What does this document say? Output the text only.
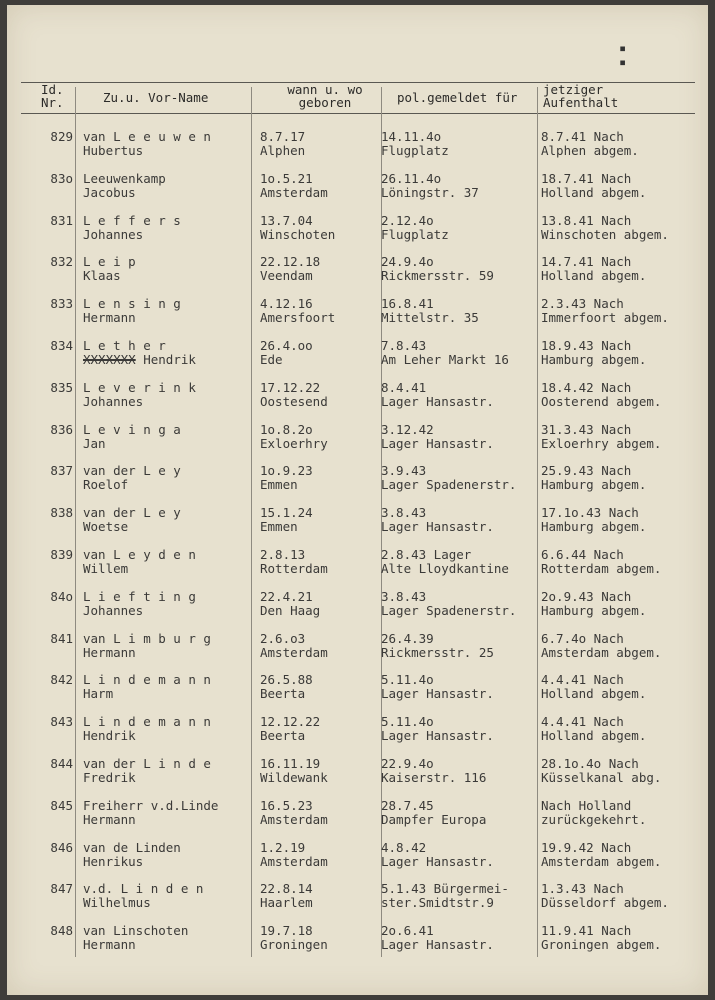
▪ ▪
Id.
Nr.	Zu.u. Vor-Name
wann u. wo
geboren	pol.gemeldet für
jetziger
Aufenthalt
829 van L e e u w e n
Hubertus
8.7.17
Alphen
14.11.4o
Flugplatz
8.7.41 Nach
Alphen abgem.
83o Leeuwenkamp
Jacobus
1o.5.21
Amsterdam
26.11.4o
Löningstr. 37
18.7.41 Nach
Holland abgem.
831 L e f f e r s
Johannes
13.7.04
Winschoten
2.12.4o
Flugplatz
13.8.41 Nach
Winschoten abgem.
832 L e i p
Klaas
22.12.18
Veendam
24.9.4o
Rickmersstr. 59
14.7.41 Nach
Holland abgem.
833 L e n s i n g
Hermann
4.12.16
Amersfoort
16.8.41
Mittelstr. 35
2.3.43 Nach
Immerfoort abgem.
834 L e t h e r
XXXXXXX Hendrik
26.4.oo
Ede
7.8.43
Am Leher Markt 16
18.9.43 Nach
Hamburg abgem.
835 L e v e r i n k
Johannes
17.12.22
Oostesend
8.4.41
Lager Hansastr.
18.4.42 Nach
Oosterend abgem.
836 L e v i n g a
Jan
1o.8.2o
Exloerhry
3.12.42
Lager Hansastr.
31.3.43 Nach
Exloerhry abgem.
837 van der L e y
Roelof
1o.9.23
Emmen
3.9.43
Lager Spadenerstr.
25.9.43 Nach
Hamburg abgem.
838 van der L e y
Woetse
15.1.24
Emmen
3.8.43
Lager Hansastr.
17.1o.43 Nach
Hamburg abgem.
839 van L e y d e n
Willem
2.8.13
Rotterdam
2.8.43 Lager
Alte Lloydkantine
6.6.44 Nach
Rotterdam abgem.
84o L i e f t i n g
Johannes
22.4.21
Den Haag
3.8.43
Lager Spadenerstr.
2o.9.43 Nach
Hamburg abgem.
841 van L i m b u r g
Hermann
2.6.o3
Amsterdam
26.4.39
Rickmersstr. 25
6.7.4o Nach
Amsterdam abgem.
842 L i n d e m a n n
Harm
26.5.88
Beerta
5.11.4o
Lager Hansastr.
4.4.41 Nach
Holland abgem.
843 L i n d e m a n n
Hendrik
12.12.22
Beerta
5.11.4o
Lager Hansastr.
4.4.41 Nach
Holland abgem.
844 van der L i n d e
Fredrik
16.11.19
Wildewank
22.9.4o
Kaiserstr. 116
28.1o.4o Nach
Küsselkanal abg.
845 Freiherr v.d.Linde
Hermann
16.5.23
Amsterdam
28.7.45
Dampfer Europa
Nach Holland
zurückgekehrt.
846 van de Linden
Henrikus
1.2.19
Amsterdam
4.8.42
Lager Hansastr.
19.9.42 Nach
Amsterdam abgem.
847 v.d. L i n d e n
Wilhelmus
22.8.14
Haarlem
5.1.43 Bürgermei-
ster.Smidtstr.9
1.3.43 Nach
Düsseldorf abgem.
848 van Linschoten
Hermann
19.7.18
Groningen
2o.6.41
Lager Hansastr.
11.9.41 Nach
Groningen abgem.
